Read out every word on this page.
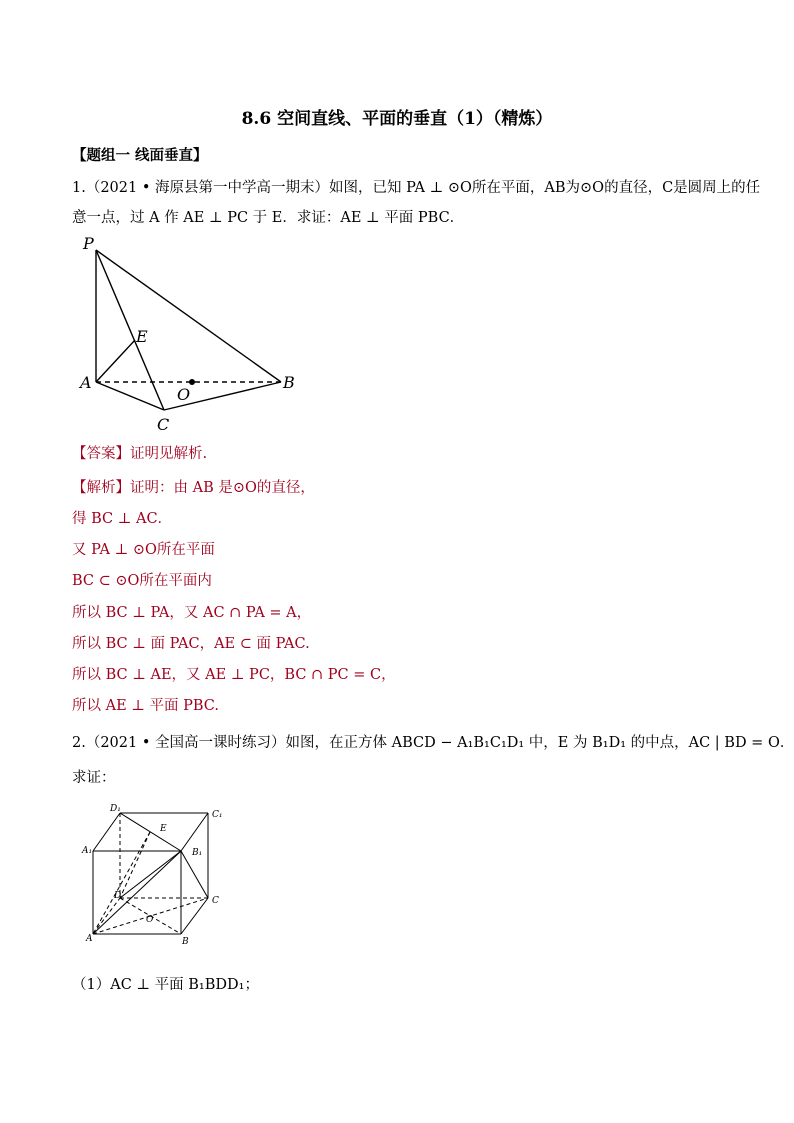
8.6 空间直线、平面的垂直（1）（精炼）
【题组一 线面垂直】
1.（2021 • 海原县第一中学高一期末）如图，已知 PA ⊥ ⊙O所在平面，AB为⊙O的直径，C是圆周上的任
意一点，过 A 作 AE ⊥ PC 于 E．求证：AE ⊥ 平面 PBC．
P
E
A
O
B
C
【答案】证明见解析.
【解析】证明：由 AB 是⊙O的直径，
得 BC ⊥ AC．
又 PA ⊥ ⊙O所在平面
BC ⊂ ⊙O所在平面内
所以 BC ⊥ PA，又 AC ∩ PA = A，
所以 BC ⊥ 面 PAC，AE ⊂ 面 PAC.
所以 BC ⊥ AE，又 AE ⊥ PC，BC ∩ PC = C，
所以 AE ⊥ 平面 PBC.
2.（2021 • 全国高一课时练习）如图，在正方体 ABCD − A₁B₁C₁D₁ 中，E 为 B₁D₁ 的中点，AC | BD = O．
求证：
D₁
C₁
E
A₁	B₁
D	C
O
A	B
（1）AC ⊥ 平面 B₁BDD₁；
